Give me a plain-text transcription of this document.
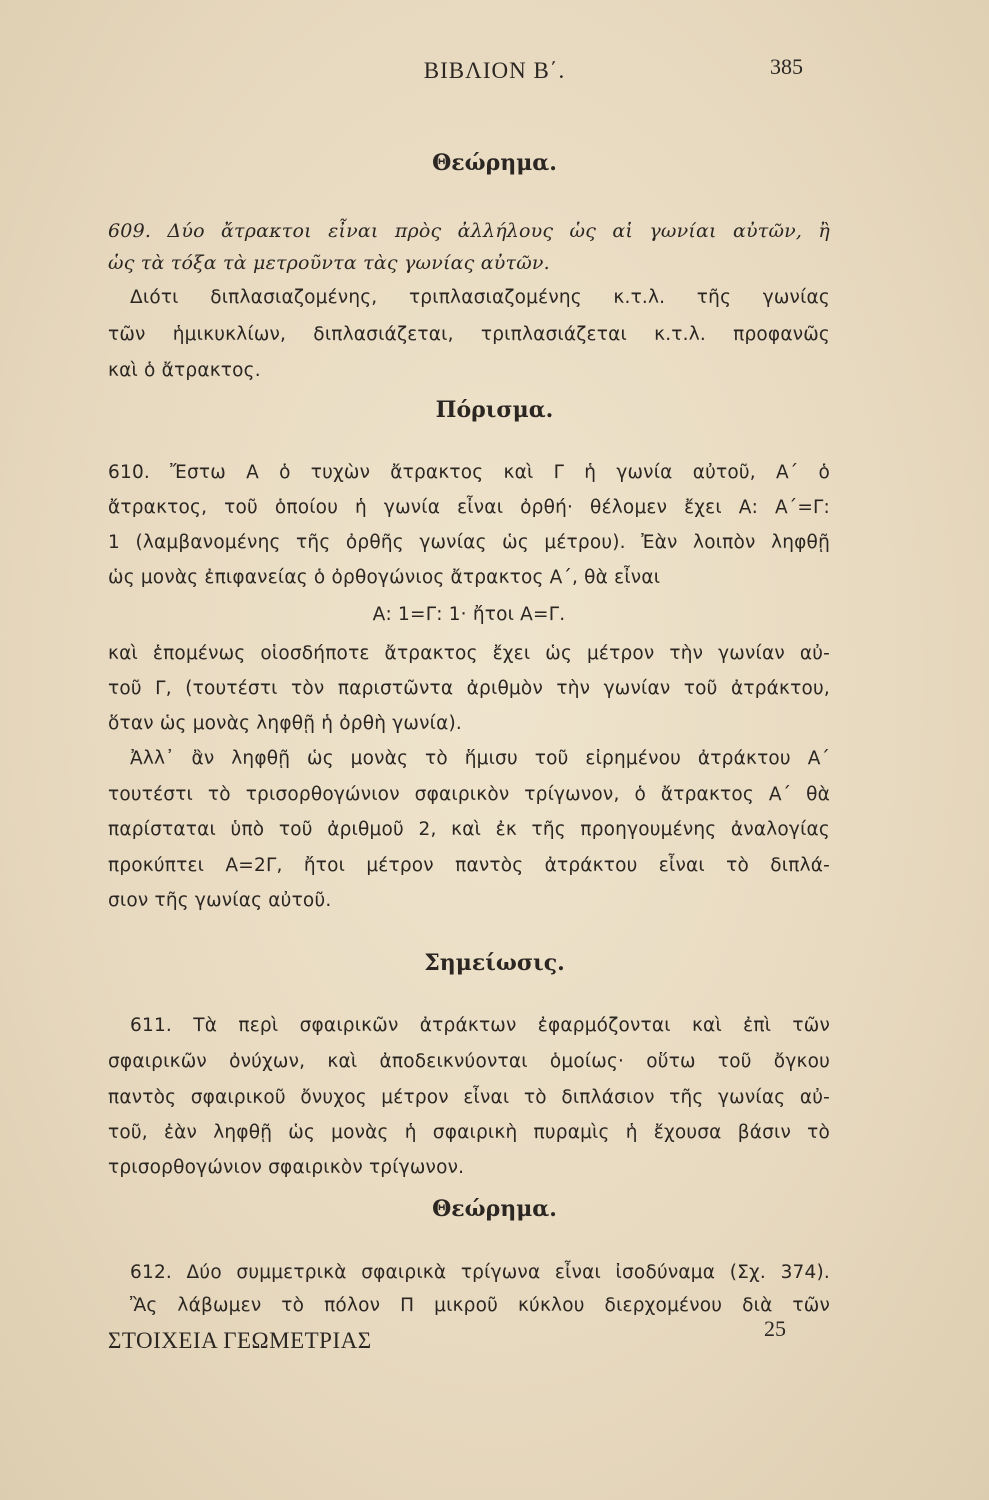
ΒΙΒΛΙΟΝ Β΄.	385
Θεώρημα.
609. Δύο ἄτρακτοι εἶναι πρὸς ἀλλήλους ὡς αἱ γωνίαι αὐτῶν, ἢ
ὡς τὰ τόξα τὰ μετροῦντα τὰς γωνίας αὐτῶν.
Διότι διπλασιαζομένης, τριπλασιαζομένης κ.τ.λ. τῆς γωνίας
τῶν ἡμικυκλίων, διπλασιάζεται, τριπλασιάζεται κ.τ.λ. προφανῶς
καὶ ὁ ἄτρακτος.
Πόρισμα.
610. Ἔστω Α ὁ τυχὼν ἄτρακτος καὶ Γ ἡ γωνία αὐτοῦ, Α΄ ὁ
ἄτρακτος, τοῦ ὁποίου ἡ γωνία εἶναι ὀρθή· θέλομεν ἔχει Α: Α΄=Γ:
1 (λαμβανομένης τῆς ὀρθῆς γωνίας ὡς μέτρου). Ἐὰν λοιπὸν ληφθῇ
ὡς μονὰς ἐπιφανείας ὁ ὀρθογώνιος ἄτρακτος Α΄, θὰ εἶναι
Α: 1=Γ: 1· ἤτοι Α=Γ.
καὶ ἑπομένως οἱοσδήποτε ἄτρακτος ἔχει ὡς μέτρον τὴν γωνίαν αὐ-
τοῦ Γ, (τουτέστι τὸν παριστῶντα ἀριθμὸν τὴν γωνίαν τοῦ ἀτράκτου,
ὅταν ὡς μονὰς ληφθῇ ἡ ὀρθὴ γωνία).
Ἀλλ᾽ ἂν ληφθῇ ὡς μονὰς τὸ ἥμισυ τοῦ εἰρημένου ἀτράκτου Α΄
τουτέστι τὸ τρισορθογώνιον σφαιρικὸν τρίγωνον, ὁ ἄτρακτος Α΄ θὰ
παρίσταται ὑπὸ τοῦ ἀριθμοῦ 2, καὶ ἐκ τῆς προηγουμένης ἀναλογίας
προκύπτει Α=2Γ, ἤτοι μέτρον παντὸς ἀτράκτου εἶναι τὸ διπλά-
σιον τῆς γωνίας αὐτοῦ.
Σημείωσις.
611. Τὰ περὶ σφαιρικῶν ἀτράκτων ἐφαρμόζονται καὶ ἐπὶ τῶν
σφαιρικῶν ὀνύχων, καὶ ἀποδεικνύονται ὁμοίως· οὕτω τοῦ ὄγκου
παντὸς σφαιρικοῦ ὄνυχος μέτρον εἶναι τὸ διπλάσιον τῆς γωνίας αὐ-
τοῦ, ἐὰν ληφθῇ ὡς μονὰς ἡ σφαιρικὴ πυραμὶς ἡ ἔχουσα βάσιν τὸ
τρισορθογώνιον σφαιρικὸν τρίγωνον.
Θεώρημα.
612. Δύο συμμετρικὰ σφαιρικὰ τρίγωνα εἶναι ἰσοδύναμα (Σχ. 374).
Ἂς λάβωμεν τὸ πόλον Π μικροῦ κύκλου διερχομένου διὰ τῶν
ΣΤΟΙΧΕΙΑ ΓΕΩΜΕΤΡΙΑΣ	25
